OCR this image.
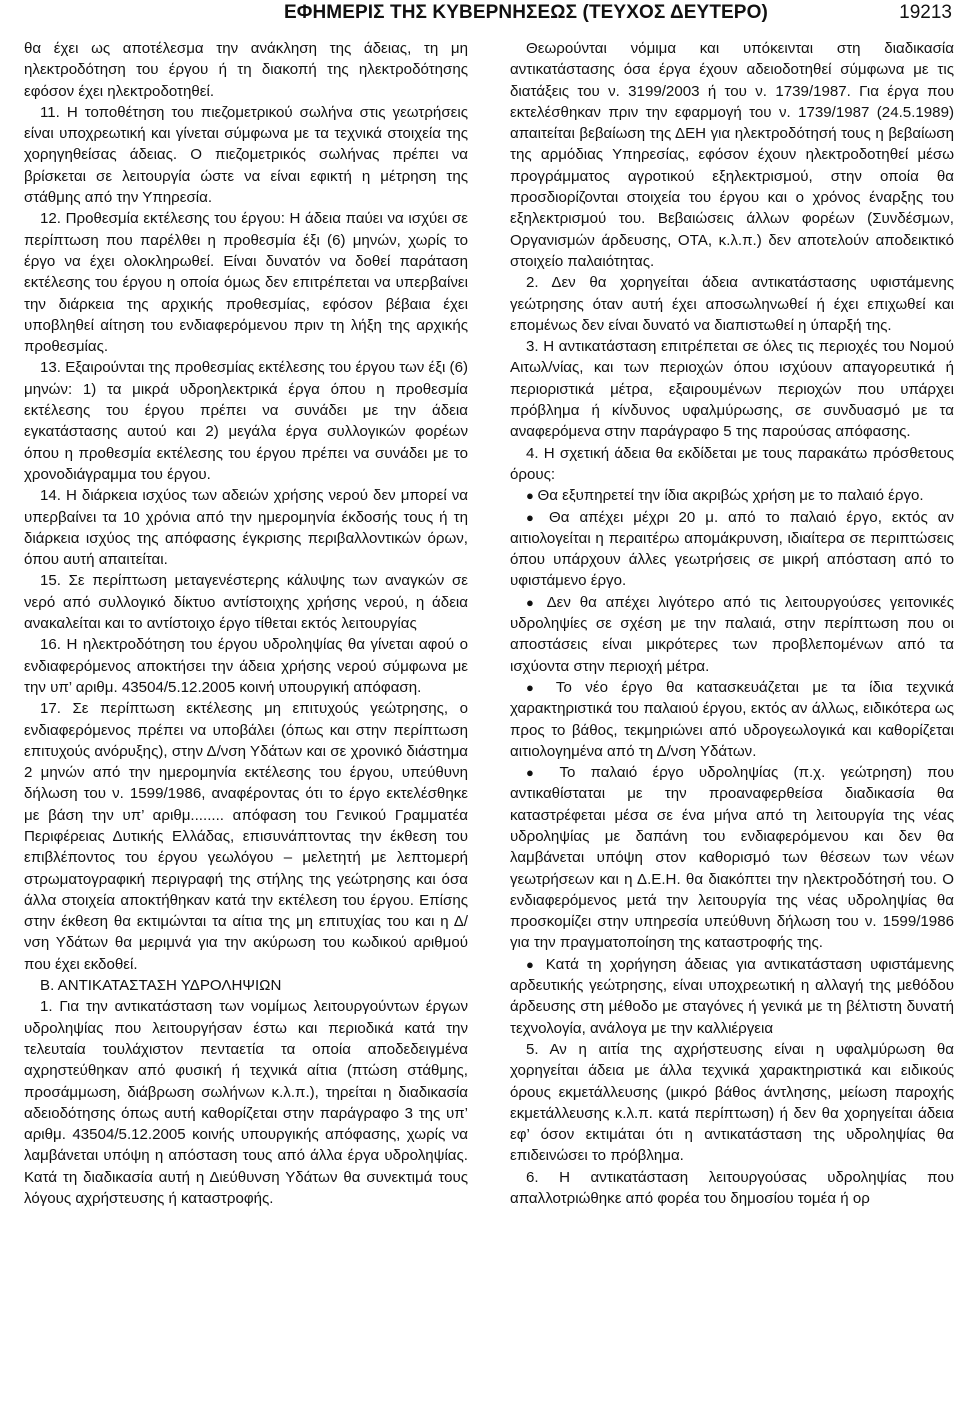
ΕΦΗΜΕΡΙΣ ΤΗΣ ΚΥΒΕΡΝΗΣΕΩΣ (ΤΕΥΧΟΣ ΔΕΥΤΕΡΟ)	19213

θα έχει ως αποτέλεσμα την ανάκληση της άδειας, τη μη ηλεκτροδότηση του έργου ή τη διακοπή της ηλεκτροδότησης εφόσον έχει ηλεκτροδοτηθεί.

11. Η τοποθέτηση του πιεζομετρικού σωλήνα στις γεωτρήσεις είναι υποχρεωτική και γίνεται σύμφωνα με τα τεχνικά στοιχεία της χορηγηθείσας άδειας. Ο πιεζομετρικός σωλήνας πρέπει να βρίσκεται σε λειτουργία ώστε να είναι εφικτή η μέτρηση της στάθμης από την Υπηρεσία.

12. Προθεσμία εκτέλεσης του έργου: Η άδεια παύει να ισχύει σε περίπτωση που παρέλθει η προθεσμία έξι (6) μηνών, χωρίς το έργο να έχει ολοκληρωθεί. Είναι δυνατόν να δοθεί παράταση εκτέλεσης του έργου η οποία όμως δεν επιτρέπεται να υπερβαίνει την διάρκεια της αρχικής προθεσμίας, εφόσον βέβαια έχει υποβληθεί αίτηση του ενδιαφερόμενου πριν τη λήξη της αρχικής προθεσμίας.

13. Εξαιρούνται της προθεσμίας εκτέλεσης του έργου των έξι (6) μηνών: 1) τα μικρά υδροηλεκτρικά έργα όπου η προθεσμία εκτέλεσης του έργου πρέπει να συνάδει με την άδεια εγκατάστασης αυτού και 2) μεγάλα έργα συλλογικών φορέων όπου η προθεσμία εκτέλεσης του έργου πρέπει να συνάδει με το χρονοδιάγραμμα του έργου.

14. Η διάρκεια ισχύος των αδειών χρήσης νερού δεν μπορεί να υπερβαίνει τα 10 χρόνια από την ημερομηνία έκδοσής τους ή τη διάρκεια ισχύος της απόφασης έγκρισης περιβαλλοντικών όρων, όπου αυτή απαιτείται.

15. Σε περίπτωση μεταγενέστερης κάλυψης των αναγκών σε νερό από συλλογικό δίκτυο αντίστοιχης χρήσης νερού, η άδεια ανακαλείται και το αντίστοιχο έργο τίθεται εκτός λειτουργίας

16. Η ηλεκτροδότηση του έργου υδροληψίας θα γίνεται αφού ο ενδιαφερόμενος αποκτήσει την άδεια χρήσης νερού σύμφωνα με την υπ’ αριθμ. 43504/5.12.2005 κοινή υπουργική απόφαση.

17. Σε περίπτωση εκτέλεσης μη επιτυχούς γεώτρησης, ο ενδιαφερόμενος πρέπει να υποβάλει (όπως και στην περίπτωση επιτυχούς ανόρυξης), στην Δ/νση Υδάτων και σε χρονικό διάστημα 2 μηνών από την ημερομηνία εκτέλεσης του έργου, υπεύθυνη δήλωση του ν. 1599/1986, αναφέροντας ότι το έργο εκτελέσθηκε με βάση την υπ’ αριθμ........ απόφαση του Γενικού Γραμματέα Περιφέρειας Δυτικής Ελλάδας, επισυνάπτοντας την έκθεση του επιβλέποντος του έργου γεωλόγου – μελετητή με λεπτομερή στρωματογραφική περιγραφή της στήλης της γεώτρησης και όσα άλλα στοιχεία αποκτήθηκαν κατά την εκτέλεση του έργου. Επίσης στην έκθεση θα εκτιμώνται τα αίτια της μη επιτυχίας του και η Δ/νση Υδάτων θα μεριμνά για την ακύρωση του κωδικού αριθμού που έχει εκδοθεί.

Β. ΑΝΤΙΚΑΤΑΣΤΑΣΗ ΥΔΡΟΛΗΨΙΩΝ

1. Για την αντικατάσταση των νομίμως λειτουργούντων έργων υδροληψίας που λειτουργήσαν έστω και περιοδικά κατά την τελευταία τουλάχιστον πενταετία τα οποία αποδεδειγμένα αχρηστεύθηκαν από φυσική ή τεχνικά αίτια (πτώση στάθμης, προσάμμωση, διάβρωση σωλήνων κ.λ.π.), τηρείται η διαδικασία αδειοδότησης όπως αυτή καθορίζεται στην παράγραφο 3 της υπ’ αριθμ. 43504/5.12.2005 κοινής υπουργικής απόφασης, χωρίς να λαμβάνεται υπόψη η απόσταση τους από άλλα έργα υδροληψίας. Κατά τη διαδικασία αυτή η Διεύθυνση Υδάτων θα συνεκτιμά τους λόγους αχρήστευσης ή καταστροφής.

Θεωρούνται νόμιμα και υπόκεινται στη διαδικασία αντικατάστασης όσα έργα έχουν αδειοδοτηθεί σύμφωνα με τις διατάξεις του ν. 3199/2003 ή του ν. 1739/1987. Για έργα που εκτελέσθηκαν πριν την εφαρμογή του ν. 1739/1987 (24.5.1989) απαιτείται βεβαίωση της ΔΕΗ για ηλεκτροδότησή τους η βεβαίωση της αρμόδιας Υπηρεσίας, εφόσον έχουν ηλεκτροδοτηθεί μέσω προγράμματος αγροτικού εξηλεκτρισμού, στην οποία θα προσδιορίζονται στοιχεία του έργου και ο χρόνος έναρξης του εξηλεκτρισμού του. Βεβαιώσεις άλλων φορέων (Συνδέσμων, Οργανισμών άρδευσης, ΟΤΑ, κ.λ.π.) δεν αποτελούν αποδεικτικό στοιχείο παλαιότητας.

2. Δεν θα χορηγείται άδεια αντικατάστασης υφιστάμενης γεώτρησης όταν αυτή έχει αποσωληνωθεί ή έχει επιχωθεί και επομένως δεν είναι δυνατό να διαπιστωθεί η ύπαρξή της.

3. Η αντικατάσταση επιτρέπεται σε όλες τις περιοχές του Νομού Αιτωλ/νίας, και των περιοχών όπου ισχύουν απαγορευτικά ή περιοριστικά μέτρα, εξαιρουμένων περιοχών που υπάρχει πρόβλημα ή κίνδυνος υφαλμύρωσης, σε συνδυασμό με τα αναφερόμενα στην παράγραφο 5 της παρούσας απόφασης.

4. Η σχετική άδεια θα εκδίδεται με τους παρακάτω πρόσθετους όρους:

● Θα εξυπηρετεί την ίδια ακριβώς χρήση με το παλαιό έργο.

● Θα απέχει μέχρι 20 μ. από το παλαιό έργο, εκτός αν αιτιολογείται η περαιτέρω απομάκρυνση, ιδιαίτερα σε περιπτώσεις όπου υπάρχουν άλλες γεωτρήσεις σε μικρή απόσταση από το υφιστάμενο έργο.

● Δεν θα απέχει λιγότερο από τις λειτουργούσες γειτονικές υδροληψίες σε σχέση με την παλαιά, στην περίπτωση που οι αποστάσεις είναι μικρότερες των προβλεπομένων από τα ισχύοντα στην περιοχή μέτρα.

● Το νέο έργο θα κατασκευάζεται με τα ίδια τεχνικά χαρακτηριστικά του παλαιού έργου, εκτός αν άλλως, ειδικότερα ως προς το βάθος, τεκμηριώνει από υδρογεωλογικά και καθορίζεται αιτιολογημένα από τη Δ/νση Υδάτων.

● Το παλαιό έργο υδροληψίας (π.χ. γεώτρηση) που αντικαθίσταται με την προαναφερθείσα διαδικασία θα καταστρέφεται μέσα σε ένα μήνα από τη λειτουργία της νέας υδροληψίας με δαπάνη του ενδιαφερόμενου και δεν θα λαμβάνεται υπόψη στον καθορισμό των θέσεων των νέων γεωτρήσεων και η Δ.Ε.Η. θα διακόπτει την ηλεκτροδότησή του. Ο ενδιαφερόμενος μετά την λειτουργία της νέας υδροληψίας θα προσκομίζει στην υπηρεσία υπεύθυνη δήλωση του ν. 1599/1986 για την πραγματοποίηση της καταστροφής της.

● Κατά τη χορήγηση άδειας για αντικατάσταση υφιστάμενης αρδευτικής γεώτρησης, είναι υποχρεωτική η αλλαγή της μεθόδου άρδευσης στη μέθοδο με σταγόνες ή γενικά με τη βέλτιστη δυνατή τεχνολογία, ανάλογα με την καλλιέργεια

5. Αν η αιτία της αχρήστευσης είναι η υφαλμύρωση θα χορηγείται άδεια με άλλα τεχνικά χαρακτηριστικά και ειδικούς όρους εκμετάλλευσης (μικρό βάθος άντλησης, μείωση παροχής εκμετάλλευσης κ.λ.π. κατά περίπτωση) ή δεν θα χορηγείται άδεια εφ’ όσον εκτιμάται ότι η αντικατάσταση της υδροληψίας θα επιδεινώσει το πρόβλημα.

6. Η αντικατάσταση λειτουργούσας υδροληψίας που απαλλοτριώθηκε από φορέα του δημοσίου τομέα ή ορ
